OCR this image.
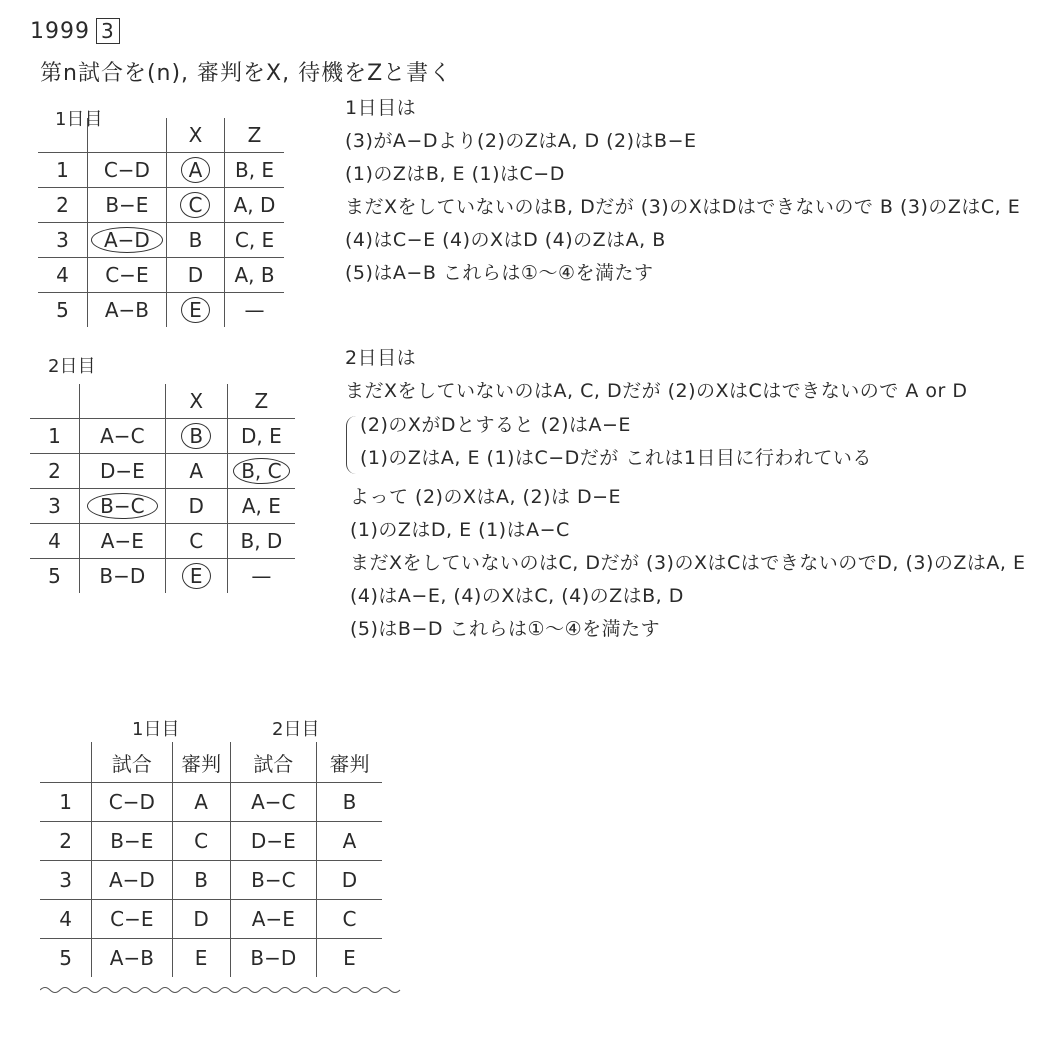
1999 3
第n試合を(n), 審判をX, 待機をZと書く
1日目
		X	Z
1	C−D	A	B, E
2	B−E	C	A, D
3	A−D	B	C, E
4	C−E	D	A, B
5	A−B	E	—
1日目は
(3)がA−Dより(2)のZはA, D (2)はB−E
(1)のZはB, E (1)はC−D
まだXをしていないのはB, Dだが (3)のXはDはできないので B (3)のZはC, E
(4)はC−E (4)のXはD (4)のZはA, B
(5)はA−B これらは①〜④を満たす
2日目
		X	Z
1	A−C	B	D, E
2	D−E	A	B, C
3	B−C	D	A, E
4	A−E	C	B, D
5	B−D	E	—
2日目は
まだXをしていないのはA, C, Dだが (2)のXはCはできないので A or D
(2)のXがDとすると (2)はA−E
(1)のZはA, E (1)はC−Dだが これは1日目に行われている
よって (2)のXはA, (2)は D−E
(1)のZはD, E (1)はA−C
まだXをしていないのはC, Dだが (3)のXはCはできないのでD, (3)のZはA, E
(4)はA−E, (4)のXはC, (4)のZはB, D
(5)はB−D これらは①〜④を満たす
1日目	2日目
	試合	審判	試合	審判
1	C−D	A	A−C	B
2	B−E	C	D−E	A
3	A−D	B	B−C	D
4	C−E	D	A−E	C
5	A−B	E	B−D	E
